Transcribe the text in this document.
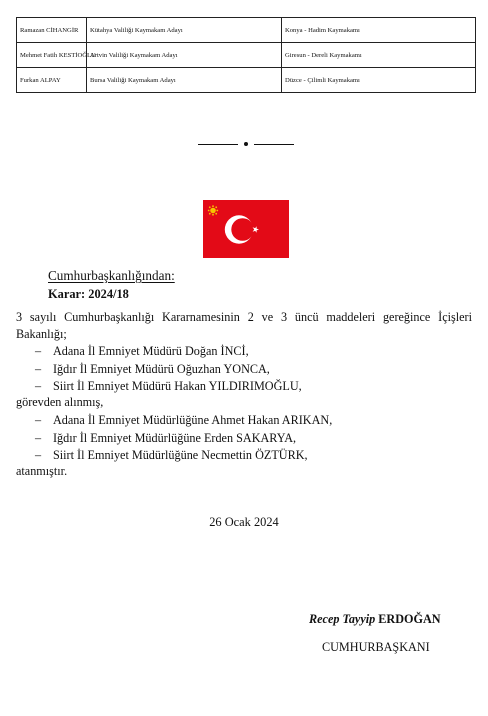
Ramazan CİHANGİR	Kütahya Valiliği Kaymakam Adayı	Konya - Hadim Kaymakamı
Mehmet Fatih KESTİOĞLU	Artvin Valiliği Kaymakam Adayı	Giresun - Dereli Kaymakamı
Furkan ALPAY	Bursa Valiliği Kaymakam Adayı	Düzce - Çilimli Kaymakamı
Cumhurbaşkanlığından:
Karar: 2024/18
3 sayılı Cumhurbaşkanlığı Kararnamesinin 2 ve 3 üncü maddeleri gereğince İçişleri Bakanlığı;
– Adana İl Emniyet Müdürü Doğan İNCİ,
– Iğdır İl Emniyet Müdürü Oğuzhan YONCA,
– Siirt İl Emniyet Müdürü Hakan YILDIRIMOĞLU,
görevden alınmış,
– Adana İl Emniyet Müdürlüğüne Ahmet Hakan ARIKAN,
– Iğdır İl Emniyet Müdürlüğüne Erden SAKARYA,
– Siirt İl Emniyet Müdürlüğüne Necmettin ÖZTÜRK,
atanmıştır.
26 Ocak 2024
Recep Tayyip ERDOĞAN
CUMHURBAŞKANI
